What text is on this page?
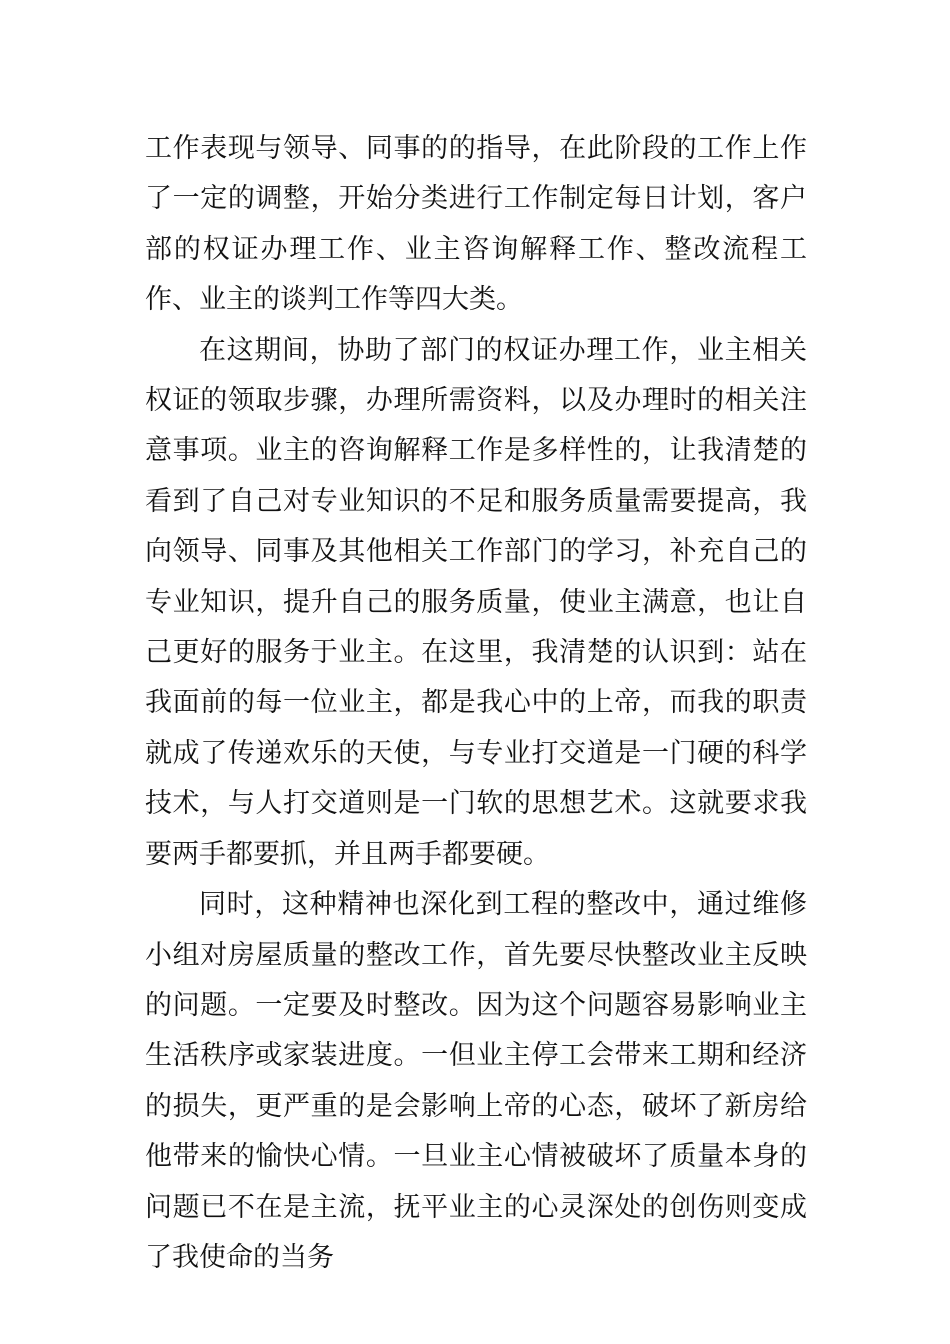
工作表现与领导、同事的的指导，在此阶段的工作上作了一定的调整，开始分类进行工作制定每日计划，客户部的权证办理工作、业主咨询解释工作、整改流程工作、业主的谈判工作等四大类。

在这期间，协助了部门的权证办理工作，业主相关权证的领取步骤，办理所需资料，以及办理时的相关注意事项。业主的咨询解释工作是多样性的，让我清楚的看到了自己对专业知识的不足和服务质量需要提高，我向领导、同事及其他相关工作部门的学习，补充自己的专业知识，提升自己的服务质量，使业主满意，也让自己更好的服务于业主。在这里，我清楚的认识到：站在我面前的每一位业主，都是我心中的上帝，而我的职责就成了传递欢乐的天使，与专业打交道是一门硬的科学技术，与人打交道则是一门软的思想艺术。这就要求我要两手都要抓，并且两手都要硬。

同时，这种精神也深化到工程的整改中，通过维修小组对房屋质量的整改工作，首先要尽快整改业主反映的问题。一定要及时整改。因为这个问题容易影响业主生活秩序或家装进度。一但业主停工会带来工期和经济的损失，更严重的是会影响上帝的心态，破坏了新房给他带来的愉快心情。一旦业主心情被破坏了质量本身的问题已不在是主流，抚平业主的心灵深处的创伤则变成了我使命的当务
